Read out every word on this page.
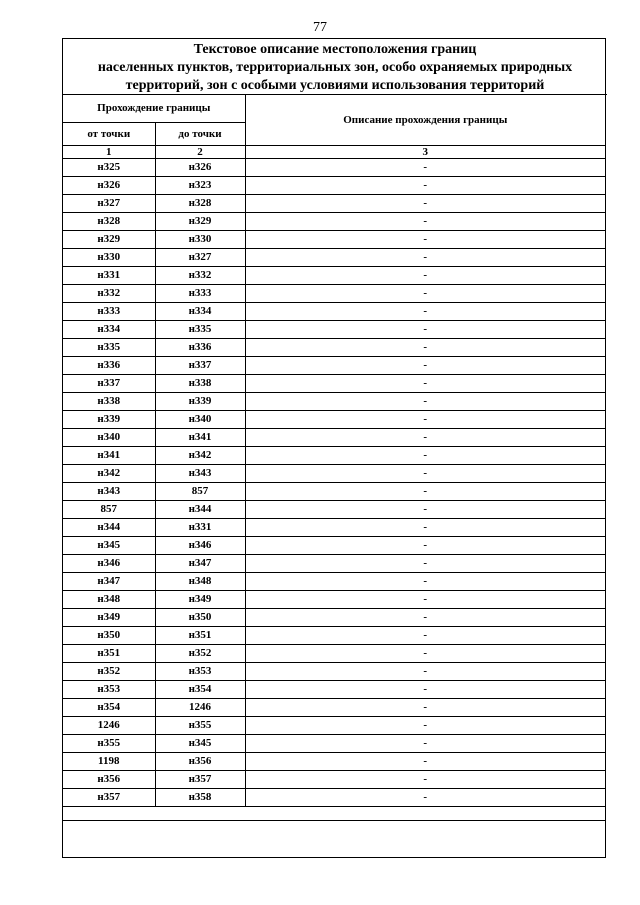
77
Текстовое описание местоположения границ
населенных пунктов, территориальных зон, особо охраняемых природных
территорий, зон с особыми условиями использования территорий
Прохождение границы		Описание прохождения границы
от точки	до точки	
1	2	3
н325	н326	-
н326	н323	-
н327	н328	-
н328	н329	-
н329	н330	-
н330	н327	-
н331	н332	-
н332	н333	-
н333	н334	-
н334	н335	-
н335	н336	-
н336	н337	-
н337	н338	-
н338	н339	-
н339	н340	-
н340	н341	-
н341	н342	-
н342	н343	-
н343	857	-
857	н344	-
н344	н331	-
н345	н346	-
н346	н347	-
н347	н348	-
н348	н349	-
н349	н350	-
н350	н351	-
н351	н352	-
н352	н353	-
н353	н354	-
н354	1246	-
1246	н355	-
н355	н345	-
1198	н356	-
н356	н357	-
н357	н358	-
